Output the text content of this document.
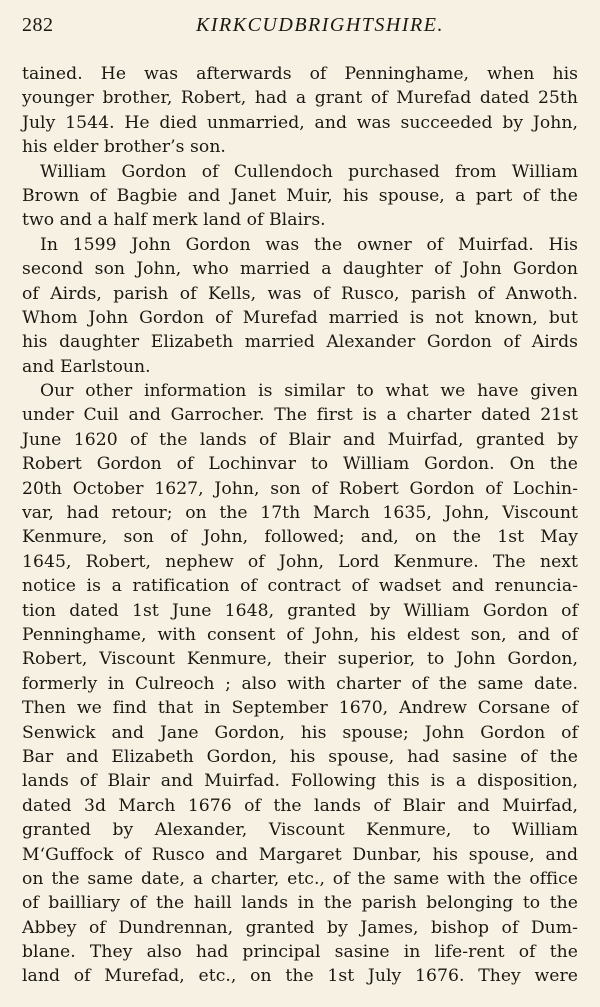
282	KIRKCUDBRIGHTSHIRE.
tained. He was afterwards of Penninghame, when his
younger brother, Robert, had a grant of Murefad dated 25th
July 1544. He died unmarried, and was succeeded by John,
his elder brother’s son.
William Gordon of Cullendoch purchased from William
Brown of Bagbie and Janet Muir, his spouse, a part of the
two and a half merk land of Blairs.
In 1599 John Gordon was the owner of Muirfad. His
second son John, who married a daughter of John Gordon
of Airds, parish of Kells, was of Rusco, parish of Anwoth.
Whom John Gordon of Murefad married is not known, but
his daughter Elizabeth married Alexander Gordon of Airds
and Earlstoun.
Our other information is similar to what we have given
under Cuil and Garrocher. The first is a charter dated 21st
June 1620 of the lands of Blair and Muirfad, granted by
Robert Gordon of Lochinvar to William Gordon. On the
20th October 1627, John, son of Robert Gordon of Lochin-
var, had retour; on the 17th March 1635, John, Viscount
Kenmure, son of John, followed; and, on the 1st May
1645, Robert, nephew of John, Lord Kenmure. The next
notice is a ratification of contract of wadset and renuncia-
tion dated 1st June 1648, granted by William Gordon of
Penninghame, with consent of John, his eldest son, and of
Robert, Viscount Kenmure, their superior, to John Gordon,
formerly in Culreoch ; also with charter of the same date.
Then we find that in September 1670, Andrew Corsane of
Senwick and Jane Gordon, his spouse; John Gordon of
Bar and Elizabeth Gordon, his spouse, had sasine of the
lands of Blair and Muirfad. Following this is a disposition,
dated 3d March 1676 of the lands of Blair and Muirfad,
granted by Alexander, Viscount Kenmure, to William
M‘Guffock of Rusco and Margaret Dunbar, his spouse, and
on the same date, a charter, etc., of the same with the office
of bailliary of the haill lands in the parish belonging to the
Abbey of Dundrennan, granted by James, bishop of Dum-
blane. They also had principal sasine in life-rent of the
land of Murefad, etc., on the 1st July 1676. They were
